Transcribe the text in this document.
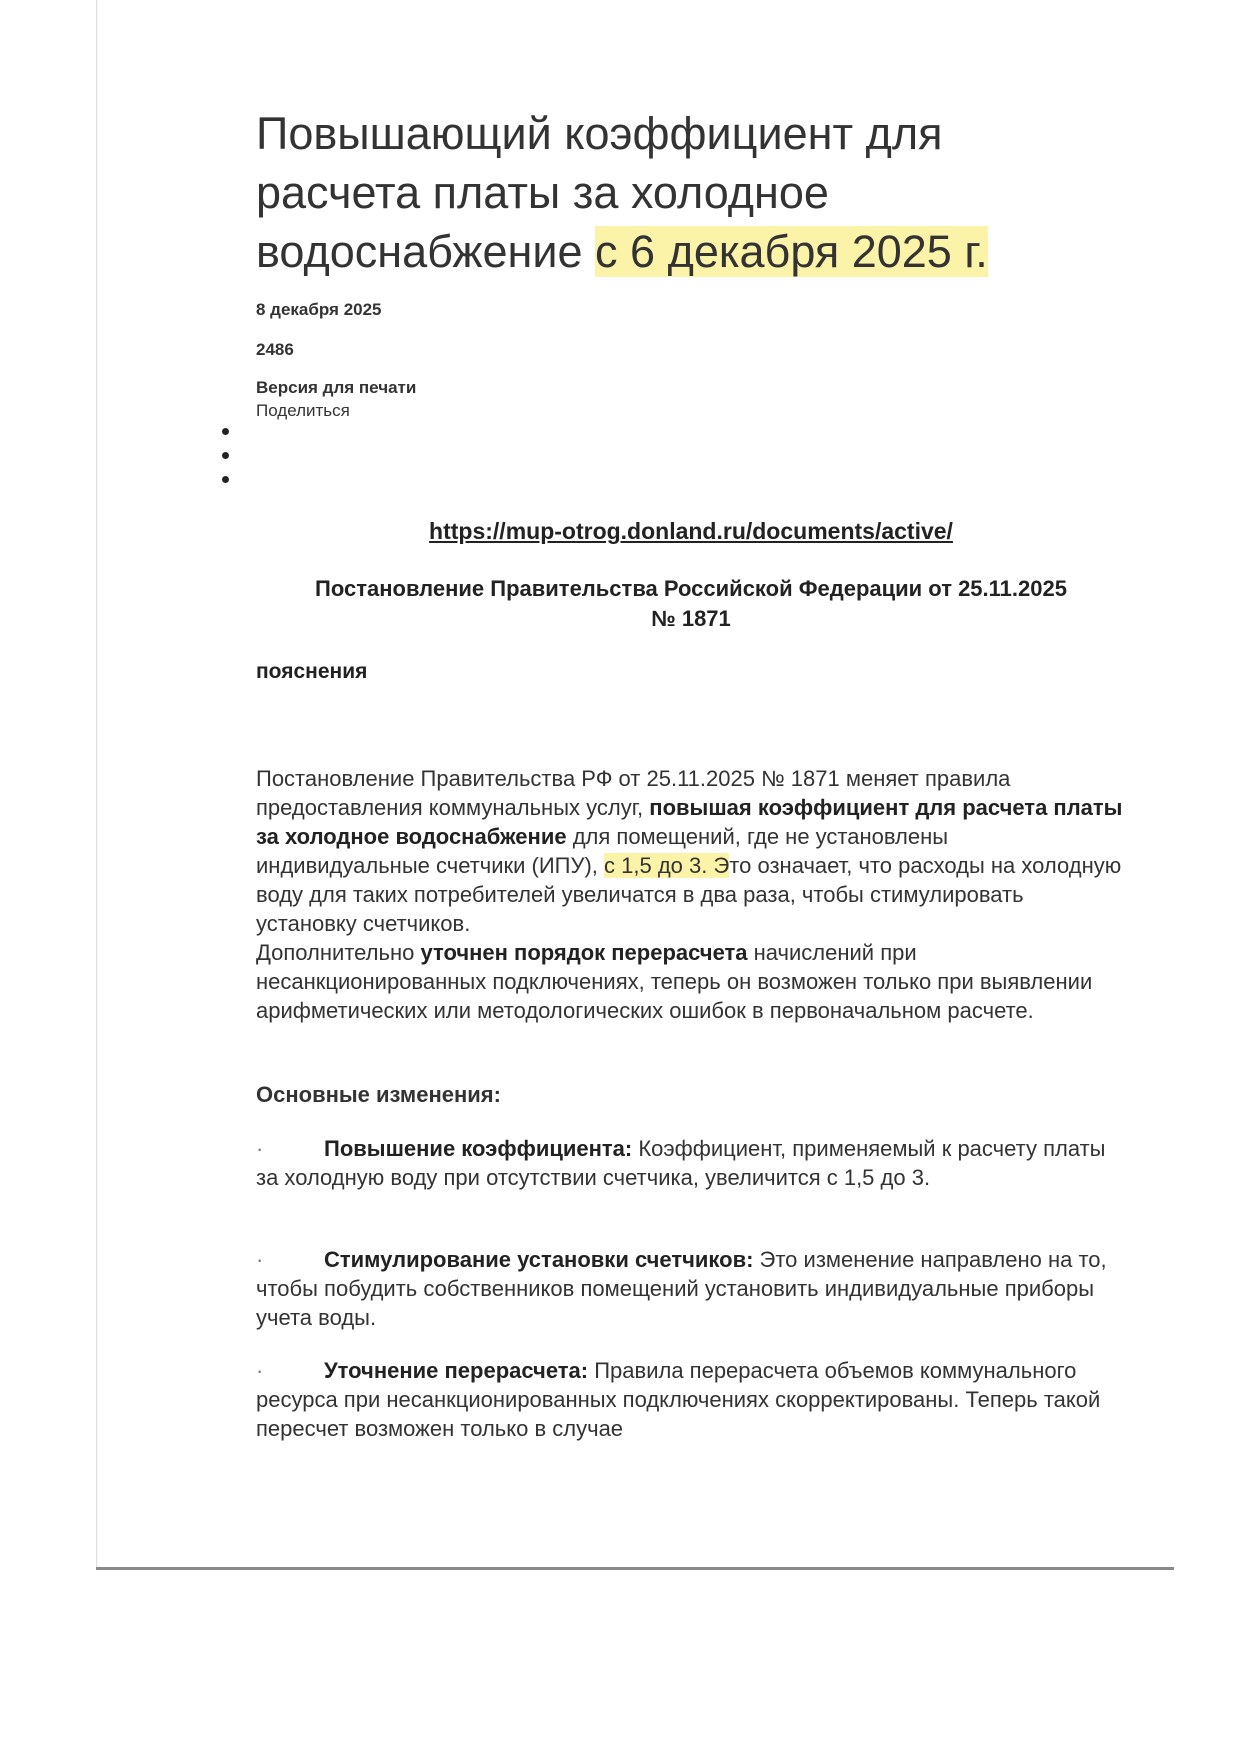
Повышающий коэффициент для расчета платы за холодное водоснабжение с 6 декабря 2025 г.
8 декабря 2025
2486
Версия для печати
Поделиться
https://mup-otrog.donland.ru/documents/active/
Постановление Правительства Российской Федерации от 25.11.2025
№ 1871
пояснения

Постановление Правительства РФ от 25.11.2025 № 1871 меняет правила предоставления коммунальных услуг, повышая коэффициент для расчета платы за холодное водоснабжение для помещений, где не установлены индивидуальные счетчики (ИПУ), с 1,5 до 3. Это означает, что расходы на холодную воду для таких потребителей увеличатся в два раза, чтобы стимулировать установку счетчиков.

Дополнительно уточнен порядок перерасчета начислений при несанкционированных подключениях, теперь он возможен только при выявлении арифметических или методологических ошибок в первоначальном расчете.

Основные изменения:

·	Повышение коэффициента: Коэффициент, применяемый к расчету платы за холодную воду при отсутствии счетчика, увеличится с 1,5 до 3.

·	Стимулирование установки счетчиков: Это изменение направлено на то, чтобы побудить собственников помещений установить индивидуальные приборы учета воды.

·	Уточнение перерасчета: Правила перерасчета объемов коммунального ресурса при несанкционированных подключениях скорректированы. Теперь такой пересчет возможен только в случае
